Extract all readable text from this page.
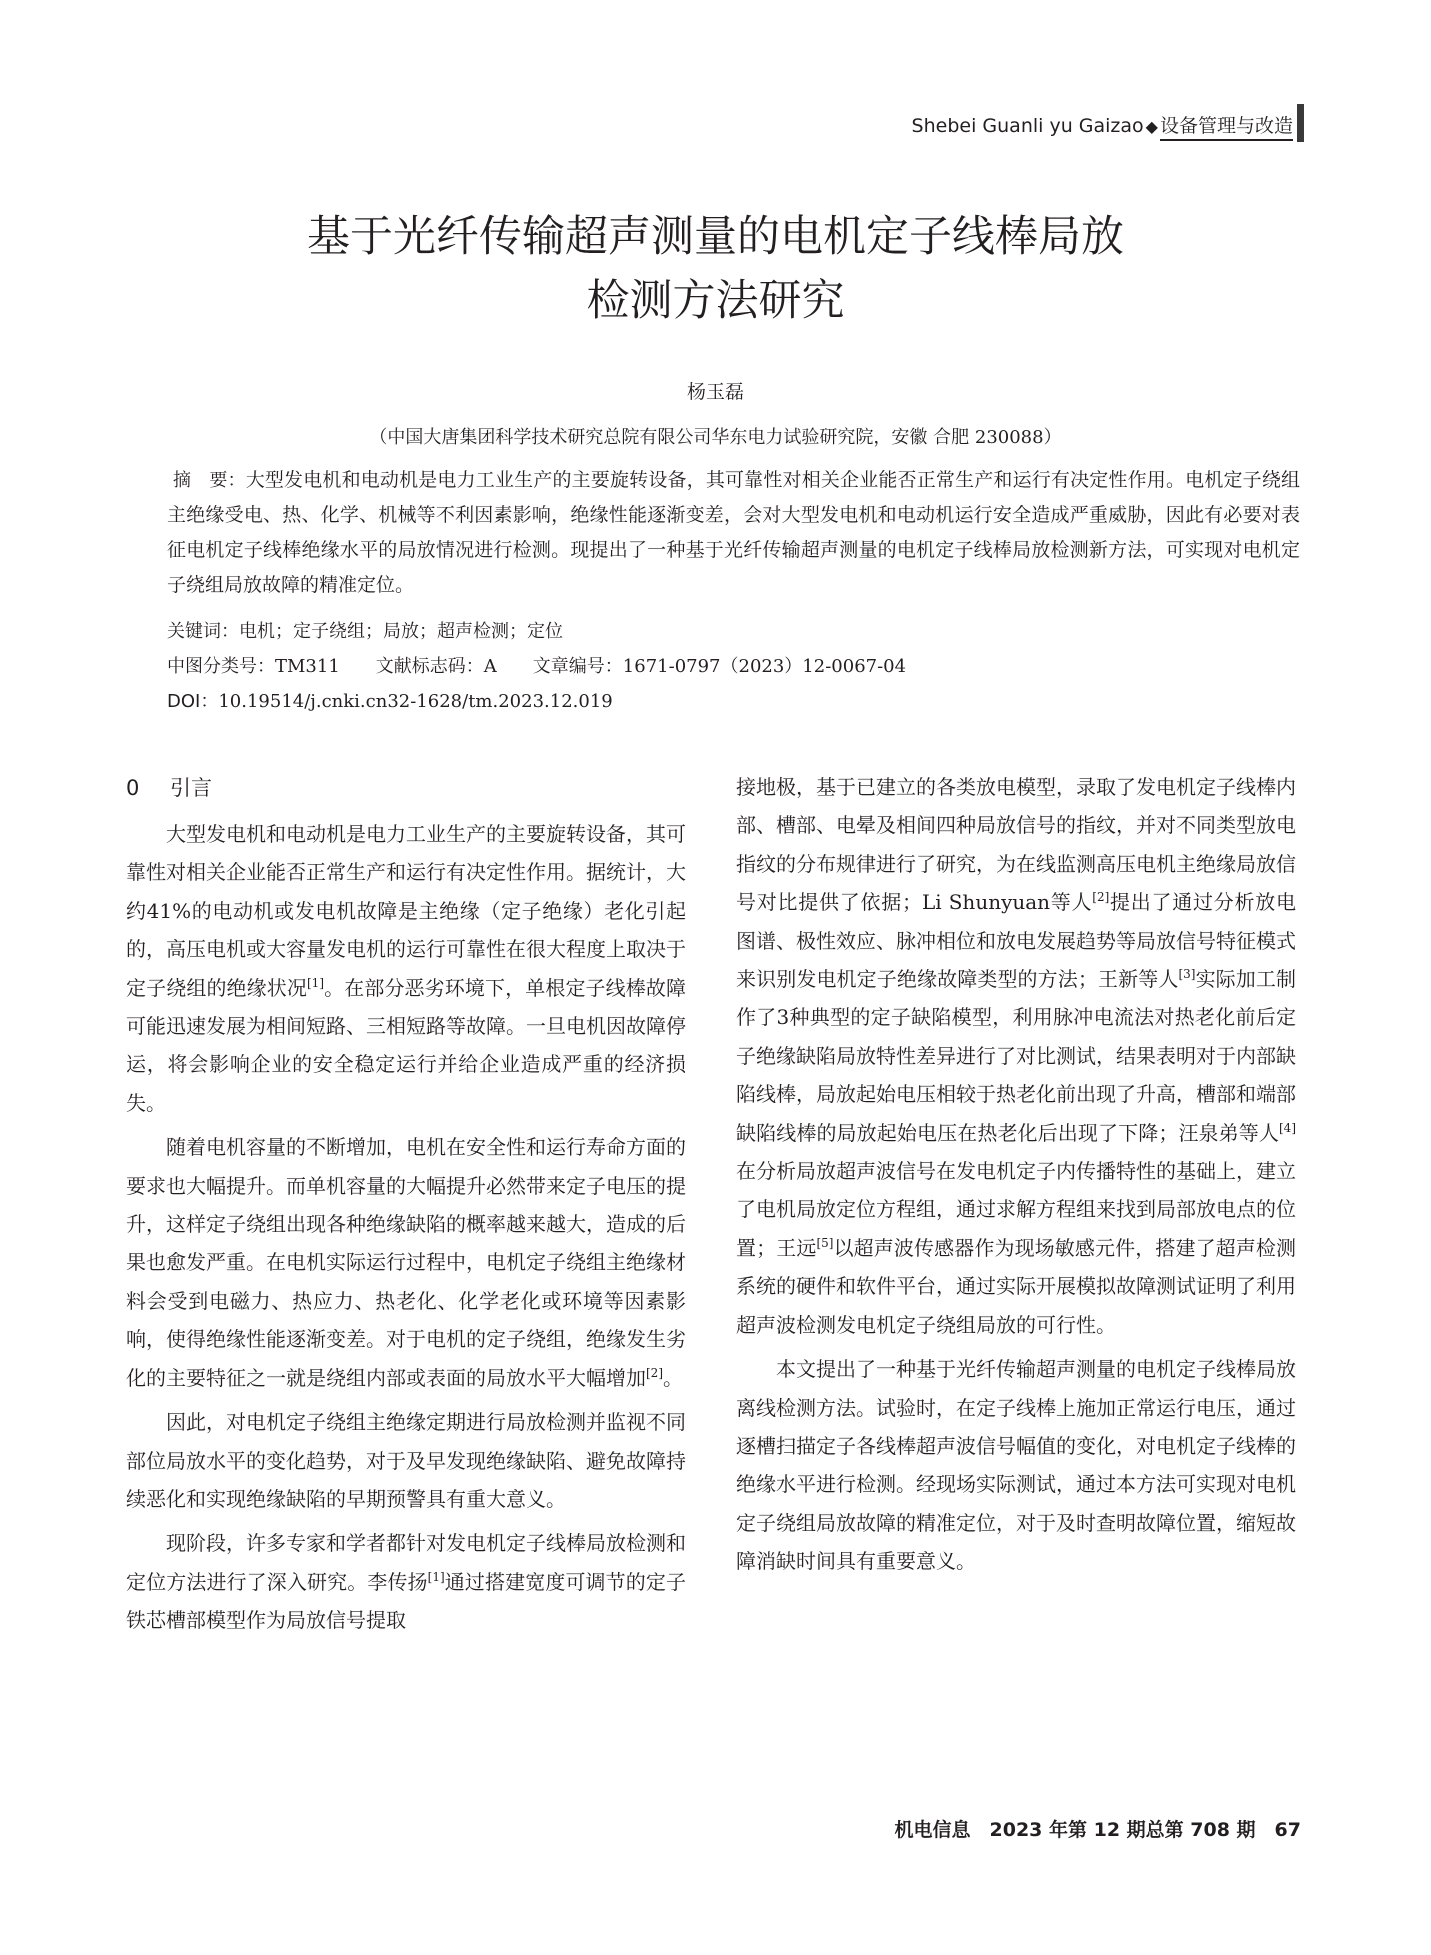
Shebei Guanli yu Gaizao ◆ 设备管理与改造
基于光纤传输超声测量的电机定子线棒局放
检测方法研究
杨玉磊
（中国大唐集团科学技术研究总院有限公司华东电力试验研究院，安徽 合肥 230088）
摘　要：大型发电机和电动机是电力工业生产的主要旋转设备，其可靠性对相关企业能否正常生产和运行有决定性作用。电机定子绕组主绝缘受电、热、化学、机械等不利因素影响，绝缘性能逐渐变差，会对大型发电机和电动机运行安全造成严重威胁，因此有必要对表征电机定子线棒绝缘水平的局放情况进行检测。现提出了一种基于光纤传输超声测量的电机定子线棒局放检测新方法，可实现对电机定子绕组局放故障的精准定位。
关键词：电机；定子绕组；局放；超声检测；定位
中图分类号：TM311 文献标志码：A 文章编号：1671-0797（2023）12-0067-04
DOI：10.19514/j.cnki.cn32-1628/tm.2023.12.019
0 引言

大型发电机和电动机是电力工业生产的主要旋转设备，其可靠性对相关企业能否正常生产和运行有决定性作用。据统计，大约41%的电动机或发电机故障是主绝缘（定子绝缘）老化引起的，高压电机或大容量发电机的运行可靠性在很大程度上取决于定子绕组的绝缘状况[1]。在部分恶劣环境下，单根定子线棒故障可能迅速发展为相间短路、三相短路等故障。一旦电机因故障停运，将会影响企业的安全稳定运行并给企业造成严重的经济损失。

随着电机容量的不断增加，电机在安全性和运行寿命方面的要求也大幅提升。而单机容量的大幅提升必然带来定子电压的提升，这样定子绕组出现各种绝缘缺陷的概率越来越大，造成的后果也愈发严重。在电机实际运行过程中，电机定子绕组主绝缘材料会受到电磁力、热应力、热老化、化学老化或环境等因素影响，使得绝缘性能逐渐变差。对于电机的定子绕组，绝缘发生劣化的主要特征之一就是绕组内部或表面的局放水平大幅增加[2]。

因此，对电机定子绕组主绝缘定期进行局放检测并监视不同部位局放水平的变化趋势，对于及早发现绝缘缺陷、避免故障持续恶化和实现绝缘缺陷的早期预警具有重大意义。

现阶段，许多专家和学者都针对发电机定子线棒局放检测和定位方法进行了深入研究。李传扬[1]通过搭建宽度可调节的定子铁芯槽部模型作为局放信号提取

接地极，基于已建立的各类放电模型，录取了发电机定子线棒内部、槽部、电晕及相间四种局放信号的指纹，并对不同类型放电指纹的分布规律进行了研究，为在线监测高压电机主绝缘局放信号对比提供了依据；Li Shunyuan等人[2]提出了通过分析放电图谱、极性效应、脉冲相位和放电发展趋势等局放信号特征模式来识别发电机定子绝缘故障类型的方法；王新等人[3]实际加工制作了3种典型的定子缺陷模型，利用脉冲电流法对热老化前后定子绝缘缺陷局放特性差异进行了对比测试，结果表明对于内部缺陷线棒，局放起始电压相较于热老化前出现了升高，槽部和端部缺陷线棒的局放起始电压在热老化后出现了下降；汪泉弟等人[4]在分析局放超声波信号在发电机定子内传播特性的基础上，建立了电机局放定位方程组，通过求解方程组来找到局部放电点的位置；王远[5]以超声波传感器作为现场敏感元件，搭建了超声检测系统的硬件和软件平台，通过实际开展模拟故障测试证明了利用超声波检测发电机定子绕组局放的可行性。

本文提出了一种基于光纤传输超声测量的电机定子线棒局放离线检测方法。试验时，在定子线棒上施加正常运行电压，通过逐槽扫描定子各线棒超声波信号幅值的变化，对电机定子线棒的绝缘水平进行检测。经现场实际测试，通过本方法可实现对电机定子绕组局放故障的精准定位，对于及时查明故障位置，缩短故障消缺时间具有重要意义。

机电信息　2023 年第 12 期总第 708 期　67
